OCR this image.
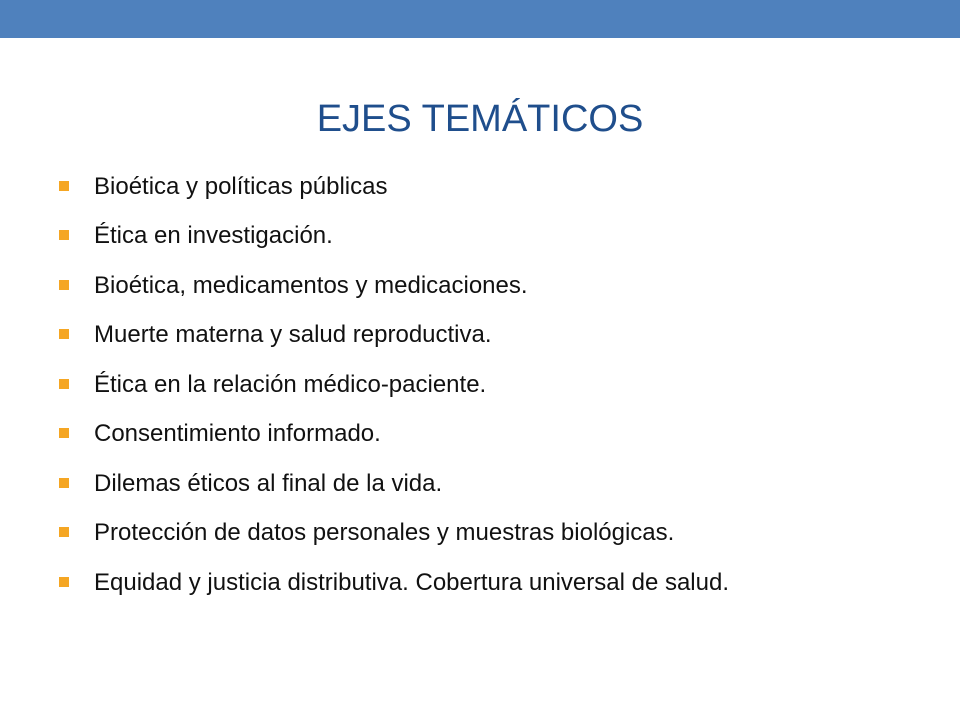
EJES TEMÁTICOS
Bioética y políticas públicas
Ética en investigación.
Bioética, medicamentos y medicaciones.
Muerte materna y salud reproductiva.
Ética en la relación médico-paciente.
Consentimiento informado.
Dilemas éticos al final de la vida.
Protección de datos personales y muestras biológicas.
Equidad y justicia distributiva. Cobertura universal de salud.
